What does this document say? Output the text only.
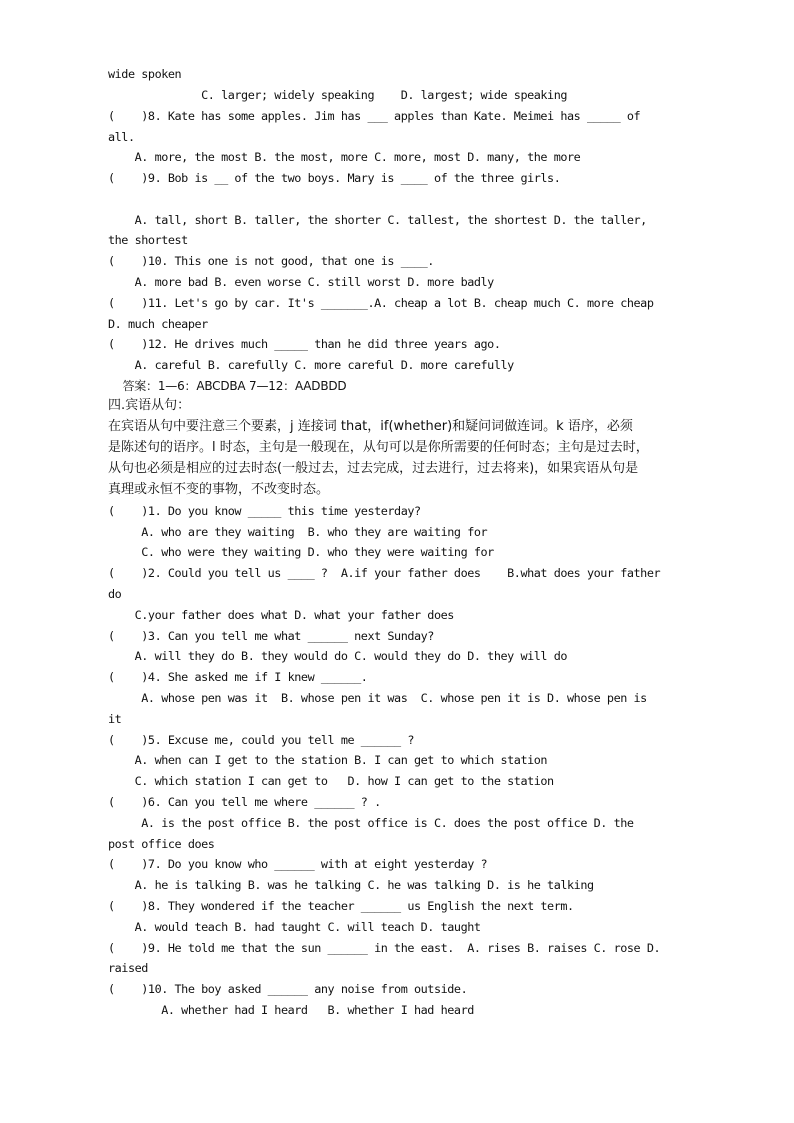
wide spoken
C. larger; widely speaking    D. largest; wide speaking
(    )8. Kate has some apples. Jim has ___ apples than Kate. Meimei has _____ of
all.
A. more, the most B. the most, more C. more, most D. many, the more
(    )9. Bob is __ of the two boys. Mary is ____ of the three girls.
A. tall, short B. taller, the shorter C. tallest, the shortest D. the taller,
the shortest
(    )10. This one is not good, that one is ____.
A. more bad B. even worse C. still worst D. more badly
(    )11. Let's go by car. It's _______.A. cheap a lot B. cheap much C. more cheap
D. much cheaper
(    )12. He drives much _____ than he did three years ago.
A. careful B. carefully C. more careful D. more carefully
答案：1—6：ABCDBA 7—12：AADBDD
四.宾语从句：
在宾语从句中要注意三个要素，j 连接词 that，if(whether)和疑问词做连词。k 语序，必须
是陈述句的语序。l 时态，主句是一般现在，从句可以是你所需要的任何时态；主句是过去时，
从句也必须是相应的过去时态(一般过去，过去完成，过去进行，过去将来)，如果宾语从句是
真理或永恒不变的事物，不改变时态。
(    )1. Do you know _____ this time yesterday?
A. who are they waiting  B. who they are waiting for
C. who were they waiting D. who they were waiting for
(    )2. Could you tell us ____ ?  A.if your father does    B.what does your father
do
C.your father does what D. what your father does
(    )3. Can you tell me what ______ next Sunday?
A. will they do B. they would do C. would they do D. they will do
(    )4. She asked me if I knew ______.
A. whose pen was it  B. whose pen it was  C. whose pen it is D. whose pen is
it
(    )5. Excuse me, could you tell me ______ ?
A. when can I get to the station B. I can get to which station
C. which station I can get to   D. how I can get to the station
(    )6. Can you tell me where ______ ? .
A. is the post office B. the post office is C. does the post office D. the
post office does
(    )7. Do you know who ______ with at eight yesterday ?
A. he is talking B. was he talking C. he was talking D. is he talking
(    )8. They wondered if the teacher ______ us English the next term.
A. would teach B. had taught C. will teach D. taught
(    )9. He told me that the sun ______ in the east.  A. rises B. raises C. rose D.
raised
(    )10. The boy asked ______ any noise from outside.
A. whether had I heard   B. whether I had heard
